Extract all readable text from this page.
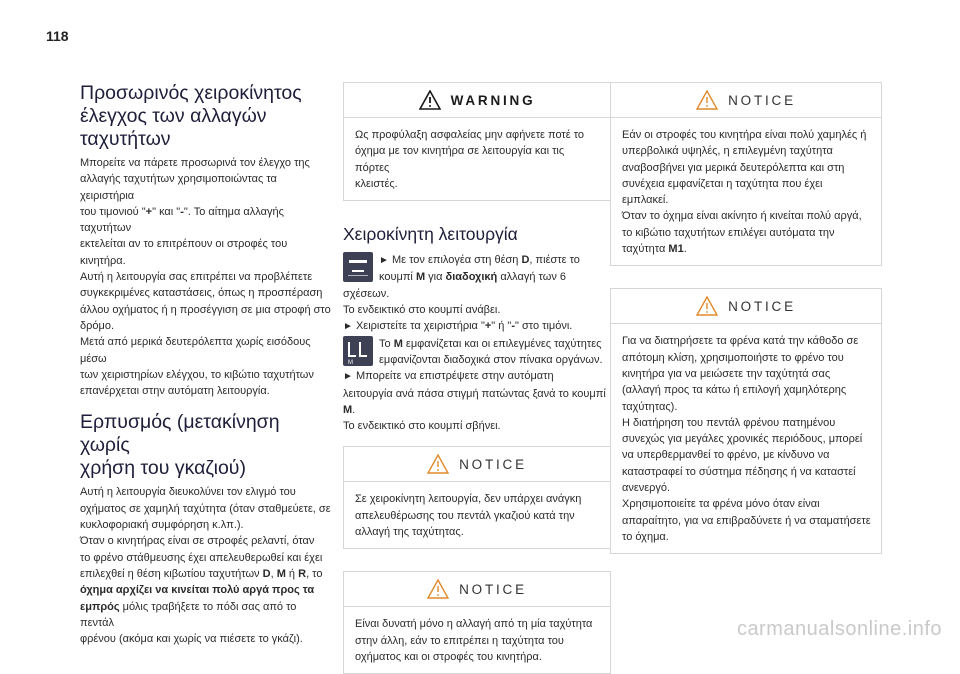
118
Προσωρινός χειροκίνητος
έλεγχος των αλλαγών
ταχυτήτων

Μπορείτε να πάρετε προσωρινά τον έλεγχο της
αλλαγής ταχυτήτων χρησιμοποιώντας τα χειριστήρια
του τιμονιού "+" και "-". Το αίτημα αλλαγής ταχυτήτων
εκτελείται αν το επιτρέπουν οι στροφές του κινητήρα.
Αυτή η λειτουργία σας επιτρέπει να προβλέπετε
συγκεκριμένες καταστάσεις, όπως η προσπέραση
άλλου οχήματος ή η προσέγγιση σε μια στροφή στο
δρόμο.
Μετά από μερικά δευτερόλεπτα χωρίς εισόδους μέσω
των χειριστηρίων ελέγχου, το κιβώτιο ταχυτήτων
επανέρχεται στην αυτόματη λειτουργία.

Ερπυσμός (μετακίνηση χωρίς
χρήση του γκαζιού)

Αυτή η λειτουργία διευκολύνει τον ελιγμό του
οχήματος σε χαμηλή ταχύτητα (όταν σταθμεύετε, σε
κυκλοφοριακή συμφόρηση κ.λπ.).
Όταν ο κινητήρας είναι σε στροφές ρελαντί, όταν
το φρένο στάθμευσης έχει απελευθερωθεί και έχει
επιλεχθεί η θέση κιβωτίου ταχυτήτων D, M ή R, το
όχημα αρχίζει να κινείται πολύ αργά προς τα
εμπρός μόλις τραβήξετε το πόδι σας από το πεντάλ
φρένου (ακόμα και χωρίς να πιέσετε το γκάζι).

WARNING
Ως προφύλαξη ασφαλείας μην αφήνετε ποτέ το
όχημα με τον κινητήρα σε λειτουργία και τις πόρτες
κλειστές.
Χειροκίνητη λειτουργία
► Με τον επιλογέα στη θέση D, πιέστε το
κουμπί M για διαδοχική αλλαγή των 6
σχέσεων.
Το ενδεικτικό στο κουμπί ανάβει.
► Χειριστείτε τα χειριστήρια "+" ή "-" στο τιμόνι.
M
Το M εμφανίζεται και οι επιλεγμένες ταχύτητες
εμφανίζονται διαδοχικά στον πίνακα οργάνων.
► Μπορείτε να επιστρέψετε στην αυτόματη
λειτουργία ανά πάσα στιγμή πατώντας ξανά το κουμπί
M.
Το ενδεικτικό στο κουμπί σβήνει.
NOTICE
Σε χειροκίνητη λειτουργία, δεν υπάρχει ανάγκη
απελευθέρωσης του πεντάλ γκαζιού κατά την
αλλαγή της ταχύτητας.
NOTICE
Είναι δυνατή μόνο η αλλαγή από τη μία ταχύτητα
στην άλλη, εάν το επιτρέπει η ταχύτητα του
οχήματος και οι στροφές του κινητήρα.
NOTICE
Εάν οι στροφές του κινητήρα είναι πολύ χαμηλές ή
υπερβολικά υψηλές, η επιλεγμένη ταχύτητα
αναβοσβήνει για μερικά δευτερόλεπτα και στη
συνέχεια εμφανίζεται η ταχύτητα που έχει
εμπλακεί.
Όταν το όχημα είναι ακίνητο ή κινείται πολύ αργά,
το κιβώτιο ταχυτήτων επιλέγει αυτόματα την
ταχύτητα M1.
NOTICE
Για να διατηρήσετε τα φρένα κατά την κάθοδο σε
απότομη κλίση, χρησιμοποιήστε το φρένο του
κινητήρα για να μειώσετε την ταχύτητά σας
(αλλαγή προς τα κάτω ή επιλογή χαμηλότερης
ταχύτητας).
Η διατήρηση του πεντάλ φρένου πατημένου
συνεχώς για μεγάλες χρονικές περιόδους, μπορεί
να υπερθερμανθεί το φρένο, με κίνδυνο να
καταστραφεί το σύστημα πέδησης ή να καταστεί
ανενεργό.
Χρησιμοποιείτε τα φρένα μόνο όταν είναι
απαραίτητο, για να επιβραδύνετε ή να σταματήσετε
το όχημα.
carmanualsonline.info
